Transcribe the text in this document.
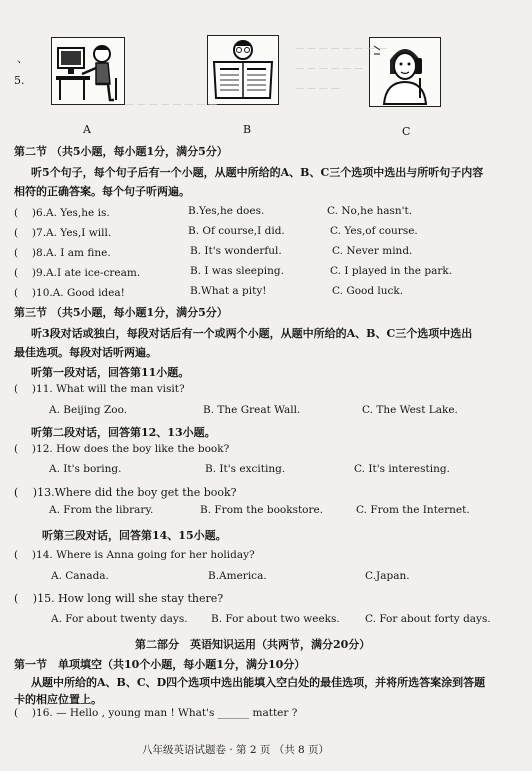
、
5.
A	B	C
— — — — — — — —
— — — — — —
— — — —
— — — — — — — —
第二节 （共5小题，每小题1分，满分5分）
听5个句子，每个句子后有一个小题，从题中所给的A、B、C三个选项中选出与所听句子内容
相符的正确答案。每个句子听两遍。
(　 )6.A. Yes,he is.	B.Yes,he does.	C. No,he hasn't.
(　 )7.A. Yes,I will.	B. Of course,I did.	C. Yes,of course.
(　 )8.A. I am fine.	B. It's wonderful.	C. Never mind.
(　 )9.A.I ate ice-cream.	B. I was sleeping.	C. I played in the park.
(　 )10.A. Good idea!	B.What a pity!	C. Good luck.
第三节 （共5小题，每小题1分，满分5分）
听3段对话或独白，每段对话后有一个或两个小题，从题中所给的A、B、C三个选项中选出
最佳选项。每段对话听两遍。
听第一段对话，回答第11小题。
(　 )11. What will the man visit?
A. Beijing Zoo.	B. The Great Wall.	C. The West Lake.
听第二段对话，回答第12、13小题。
(　 )12. How does the boy like the book?
A. It's boring.	B. It's exciting.	C. It's interesting.
(　 )13.Where did the boy get the book?
A. From the library.	B. From the bookstore.	C. From the Internet.
听第三段对话，回答第14、15小题。
(　 )14. Where is Anna going for her holiday?
A. Canada.	B.America.	C.Japan.
(　 )15. How long will she stay there?
A. For about twenty days. B. For about two weeks. C. For about forty days.
第二部分　英语知识运用（共两节，满分20分）
第一节　单项填空（共10个小题，每小题1分，满分10分）
从题中所给的A、B、C、D四个选项中选出能填入空白处的最佳选项，并将所选答案涂到答题
卡的相应位置上。
(　 )16. — Hello , young man ! What's ______ matter ?
八年级英语试题卷 · 第 2 页 （共 8 页）
